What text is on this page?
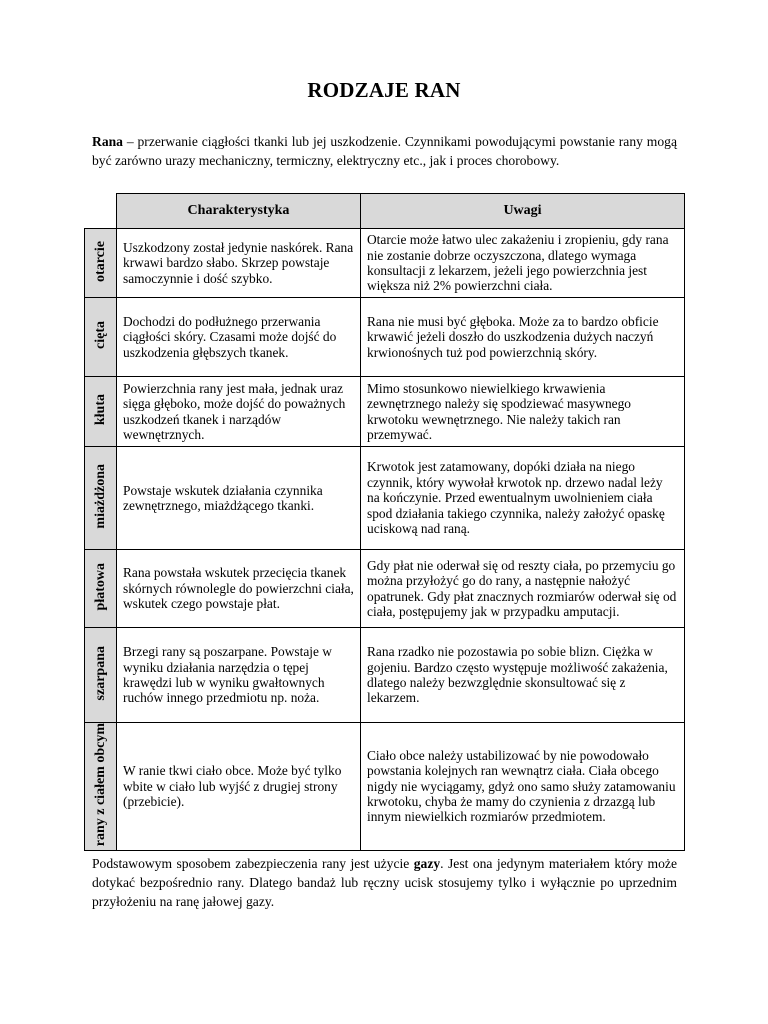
RODZAJE RAN

Rana – przerwanie ciągłości tkanki lub jej uszkodzenie. Czynnikami powodującymi powstanie rany mogą być zarówno urazy mechaniczny, termiczny, elektryczny etc., jak i proces chorobowy.

	Charakterystyka	Uwagi
otarcie	Uszkodzony został jedynie naskórek. Rana krwawi bardzo słabo. Skrzep powstaje samoczynnie i dość szybko.	Otarcie może łatwo ulec zakażeniu i zropieniu, gdy rana nie zostanie dobrze oczyszczona, dlatego wymaga konsultacji z lekarzem, jeżeli jego powierzchnia jest większa niż 2% powierzchni ciała.
cięta	Dochodzi do podłużnego przerwania ciągłości skóry. Czasami może dojść do uszkodzenia głębszych tkanek.	Rana nie musi być głęboka. Może za to bardzo obficie krwawić jeżeli doszło do uszkodzenia dużych naczyń krwionośnych tuż pod powierzchnią skóry.
kłuta	Powierzchnia rany jest mała, jednak uraz sięga głęboko, może dojść do poważnych uszkodzeń tkanek i narządów wewnętrznych.	Mimo stosunkowo niewielkiego krwawienia zewnętrznego należy się spodziewać masywnego krwotoku wewnętrznego. Nie należy takich ran przemywać.
miażdżona	Powstaje wskutek działania czynnika zewnętrznego, miażdżącego tkanki.	Krwotok jest zatamowany, dopóki działa na niego czynnik, który wywołał krwotok np. drzewo nadal leży na kończynie. Przed ewentualnym uwolnieniem ciała spod działania takiego czynnika, należy założyć opaskę uciskową nad raną.
płatowa	Rana powstała wskutek przecięcia tkanek skórnych równolegle do powierzchni ciała, wskutek czego powstaje płat.	Gdy płat nie oderwał się od reszty ciała, po przemyciu go można przyłożyć go do rany, a następnie nałożyć opatrunek. Gdy płat znacznych rozmiarów oderwał się od ciała, postępujemy jak w przypadku amputacji.
szarpana	Brzegi rany są poszarpane. Powstaje w wyniku działania narzędzia o tępej krawędzi lub w wyniku gwałtownych ruchów innego przedmiotu np. noża.	Rana rzadko nie pozostawia po sobie blizn. Ciężka w gojeniu. Bardzo często występuje możliwość zakażenia, dlatego należy bezwzględnie skonsultować się z lekarzem.
rany z ciałem obcym	W ranie tkwi ciało obce. Może być tylko wbite w ciało lub wyjść z drugiej strony (przebicie).	Ciało obce należy ustabilizować by nie powodowało powstania kolejnych ran wewnątrz ciała. Ciała obcego nigdy nie wyciągamy, gdyż ono samo służy zatamowaniu krwotoku, chyba że mamy do czynienia z drzazgą lub innym niewielkich rozmiarów przedmiotem.

Podstawowym sposobem zabezpieczenia rany jest użycie gazy. Jest ona jedynym materiałem który może dotykać bezpośrednio rany. Dlatego bandaż lub ręczny ucisk stosujemy tylko i wyłącznie po uprzednim przyłożeniu na ranę jałowej gazy.
